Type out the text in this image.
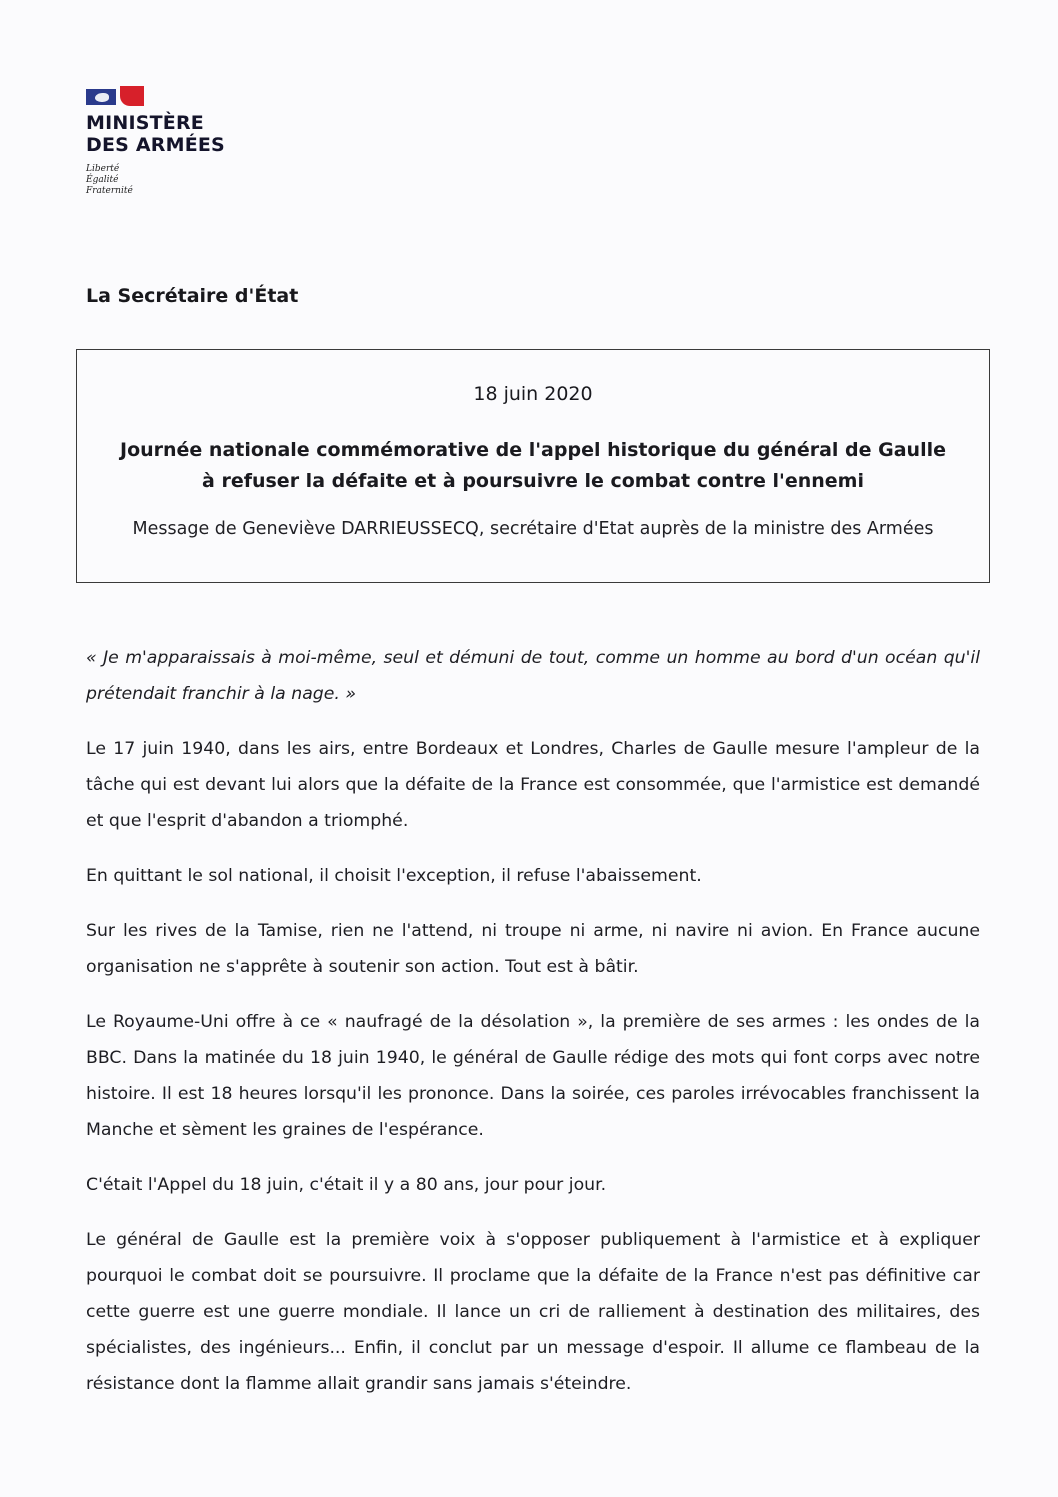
MINISTÈRE
DES ARMÉES
Liberté
Égalité
Fraternité
La Secrétaire d'État
18 juin 2020
Journée nationale commémorative de l'appel historique du général de Gaulle à refuser la défaite et à poursuivre le combat contre l'ennemi
Message de Geneviève DARRIEUSSECQ, secrétaire d'Etat auprès de la ministre des Armées

« Je m'apparaissais à moi-même, seul et démuni de tout, comme un homme au bord d'un océan qu'il prétendait franchir à la nage. »

Le 17 juin 1940, dans les airs, entre Bordeaux et Londres, Charles de Gaulle mesure l'ampleur de la tâche qui est devant lui alors que la défaite de la France est consommée, que l'armistice est demandé et que l'esprit d'abandon a triomphé.

En quittant le sol national, il choisit l'exception, il refuse l'abaissement.

Sur les rives de la Tamise, rien ne l'attend, ni troupe ni arme, ni navire ni avion. En France aucune organisation ne s'apprête à soutenir son action. Tout est à bâtir.

Le Royaume-Uni offre à ce « naufragé de la désolation », la première de ses armes : les ondes de la BBC. Dans la matinée du 18 juin 1940, le général de Gaulle rédige des mots qui font corps avec notre histoire. Il est 18 heures lorsqu'il les prononce. Dans la soirée, ces paroles irrévocables franchissent la Manche et sèment les graines de l'espérance.

C'était l'Appel du 18 juin, c'était il y a 80 ans, jour pour jour.

Le général de Gaulle est la première voix à s'opposer publiquement à l'armistice et à expliquer pourquoi le combat doit se poursuivre. Il proclame que la défaite de la France n'est pas définitive car cette guerre est une guerre mondiale. Il lance un cri de ralliement à destination des militaires, des spécialistes, des ingénieurs... Enfin, il conclut par un message d'espoir. Il allume ce flambeau de la résistance dont la flamme allait grandir sans jamais s'éteindre.
